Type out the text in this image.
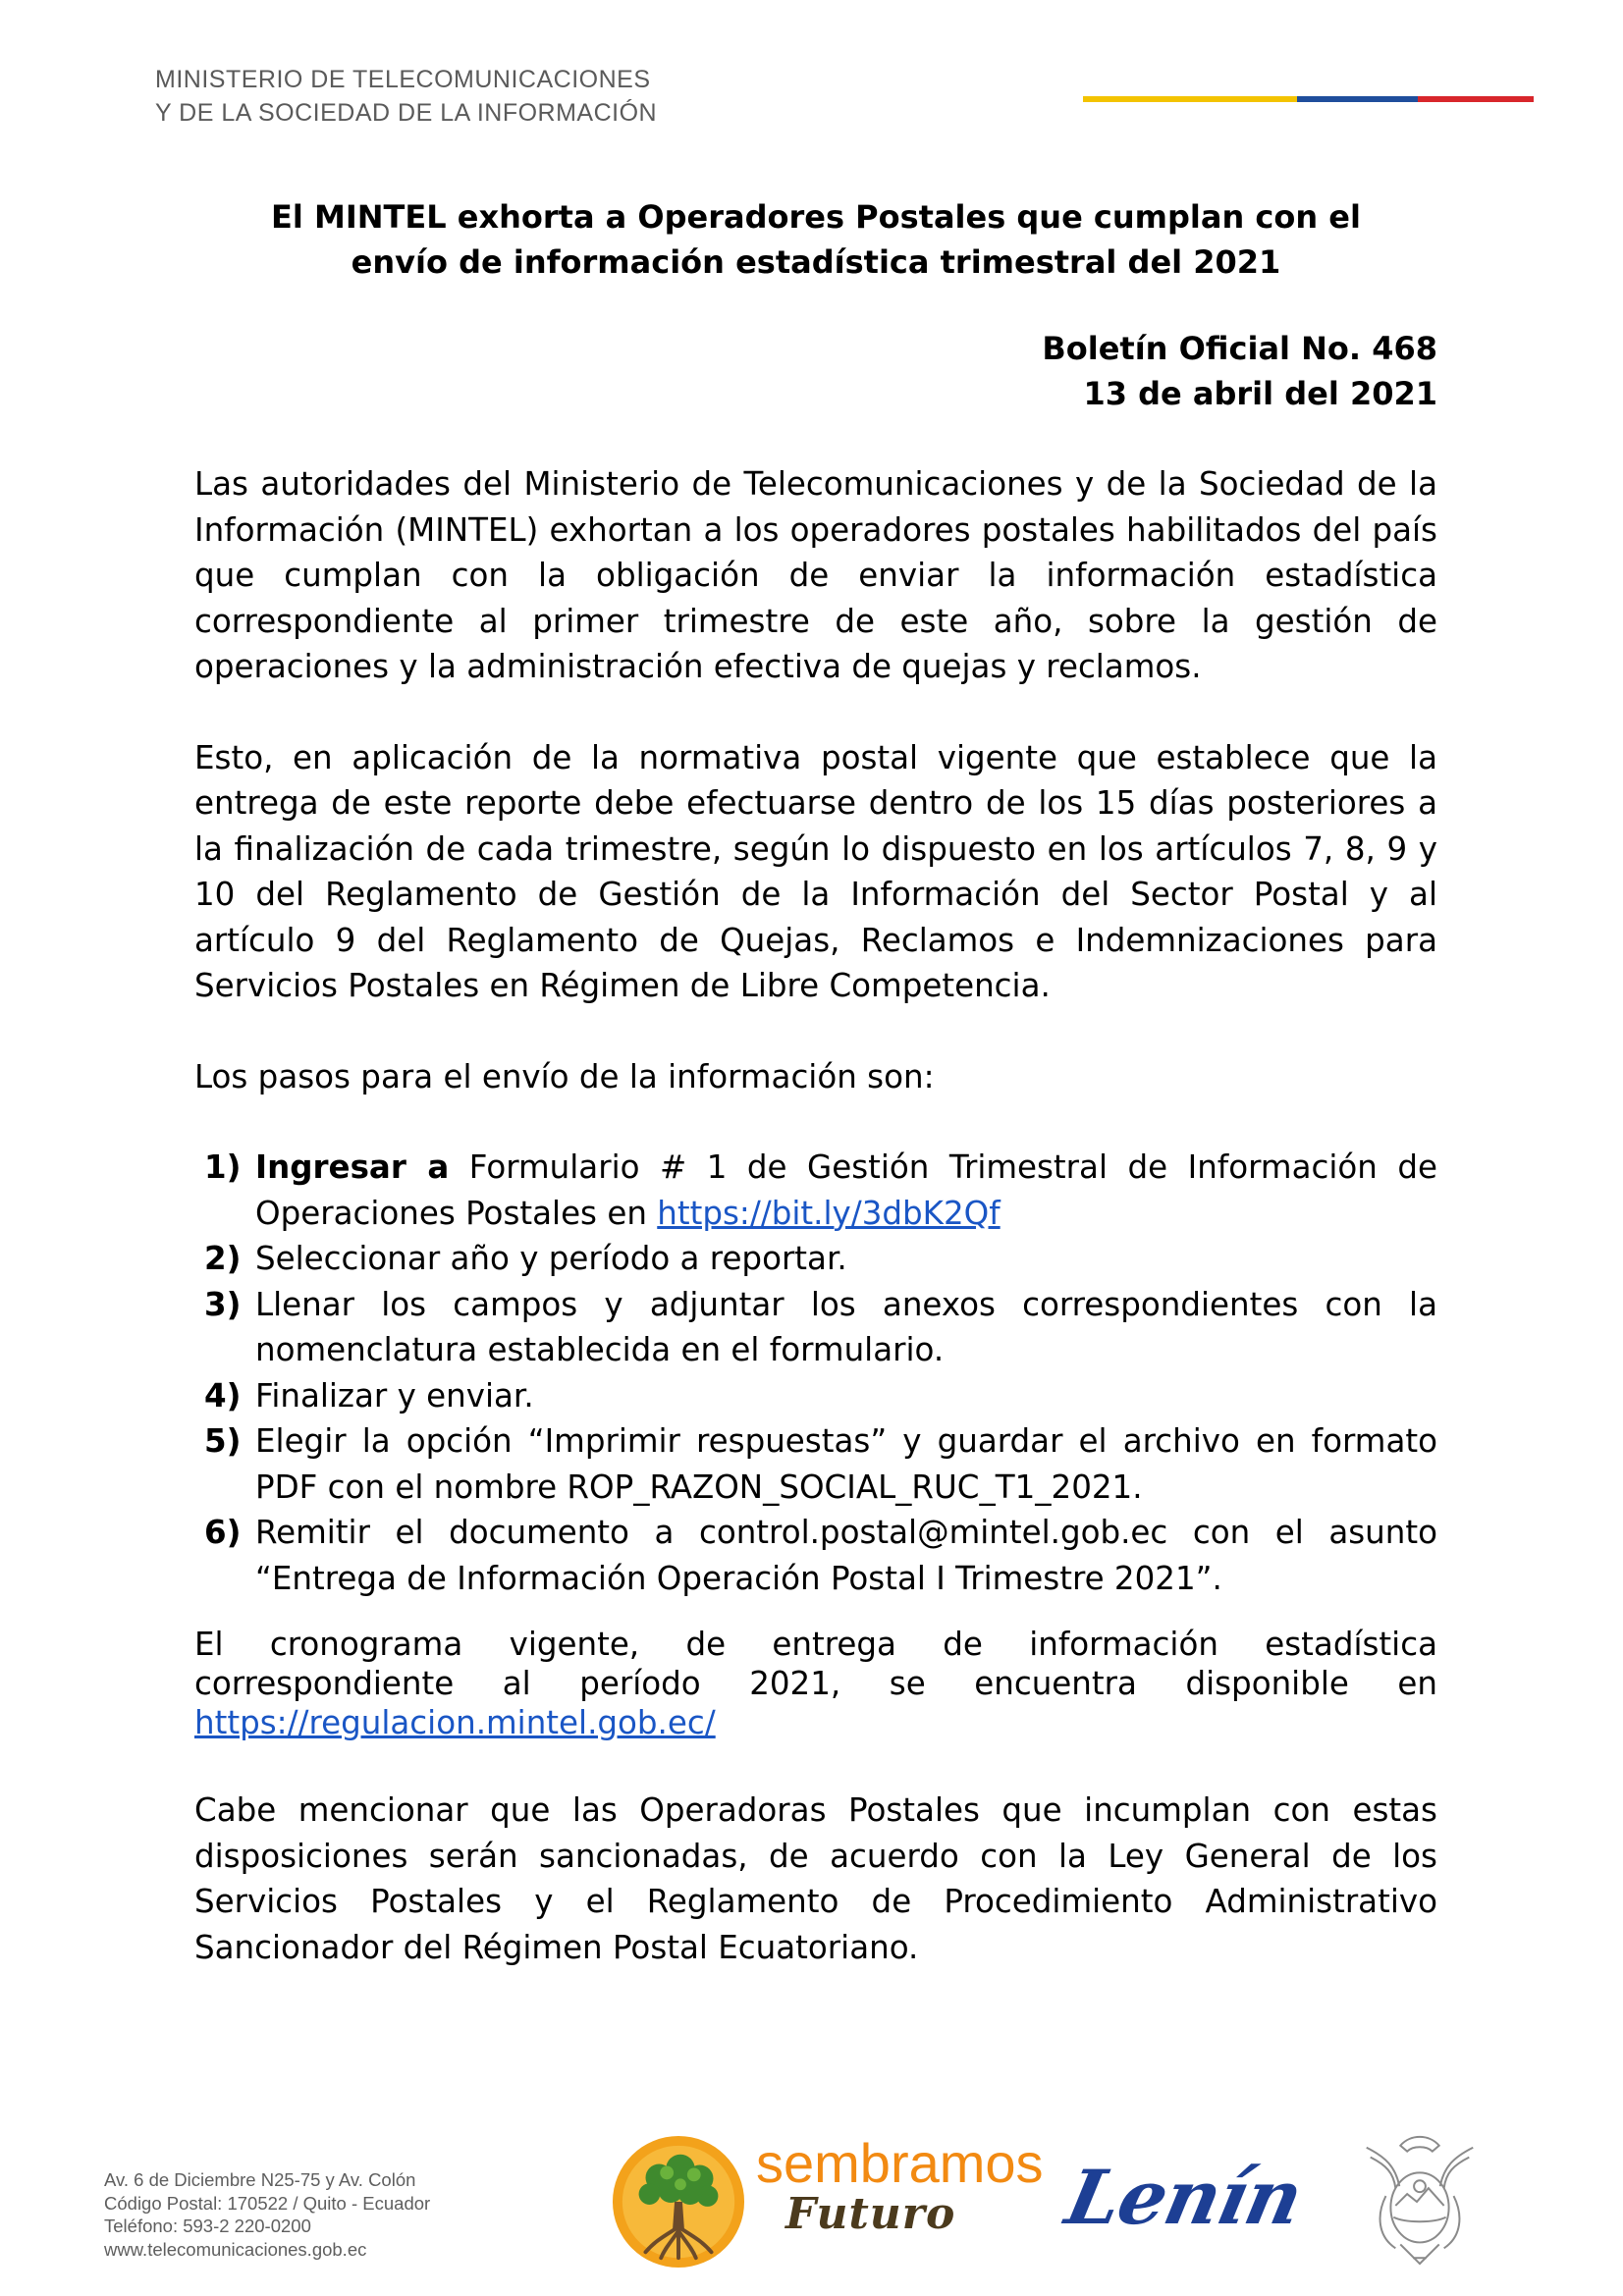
MINISTERIO DE TELECOMUNICACIONES
Y DE LA SOCIEDAD DE LA INFORMACIÓN
El MINTEL exhorta a Operadores Postales que cumplan con el
envío de información estadística trimestral del 2021
Boletín Oficial No. 468
13 de abril del 2021

Las autoridades del Ministerio de Telecomunicaciones y de la Sociedad de la Información (MINTEL) exhortan a los operadores postales habilitados del país que cumplan con la obligación de enviar la información estadística correspondiente al primer trimestre de este año, sobre la gestión de operaciones y la administración efectiva de quejas y reclamos.

Esto, en aplicación de la normativa postal vigente que establece que la entrega de este reporte debe efectuarse dentro de los 15 días posteriores a la finalización de cada trimestre, según lo dispuesto en los artículos 7, 8, 9 y 10 del Reglamento de Gestión de la Información del Sector Postal y al artículo 9 del Reglamento de Quejas, Reclamos e Indemnizaciones para Servicios Postales en Régimen de Libre Competencia.

Los pasos para el envío de la información son:

1) Ingresar a Formulario # 1 de Gestión Trimestral de Información de Operaciones Postales en https://bit.ly/3dbK2Qf
2) Seleccionar año y período a reportar.
3) Llenar los campos y adjuntar los anexos correspondientes con la nomenclatura establecida en el formulario.
4) Finalizar y enviar.
5) Elegir la opción “Imprimir respuestas” y guardar el archivo en formato PDF con el nombre ROP_RAZON_SOCIAL_RUC_T1_2021.
6) Remitir el documento a control.postal@mintel.gob.ec con el asunto “Entrega de Información Operación Postal I Trimestre 2021”.

El cronograma vigente, de entrega de información estadística correspondiente al período 2021, se encuentra disponible en https://regulacion.mintel.gob.ec/

Cabe mencionar que las Operadoras Postales que incumplan con estas disposiciones serán sancionadas, de acuerdo con la Ley General de los Servicios Postales y el Reglamento de Procedimiento Administrativo Sancionador del Régimen Postal Ecuatoriano.

Av. 6 de Diciembre N25-75 y Av. Colón
Código Postal: 170522 / Quito - Ecuador
Teléfono: 593-2 220-0200
www.telecomunicaciones.gob.ec
sembramos
Futuro Lenín
